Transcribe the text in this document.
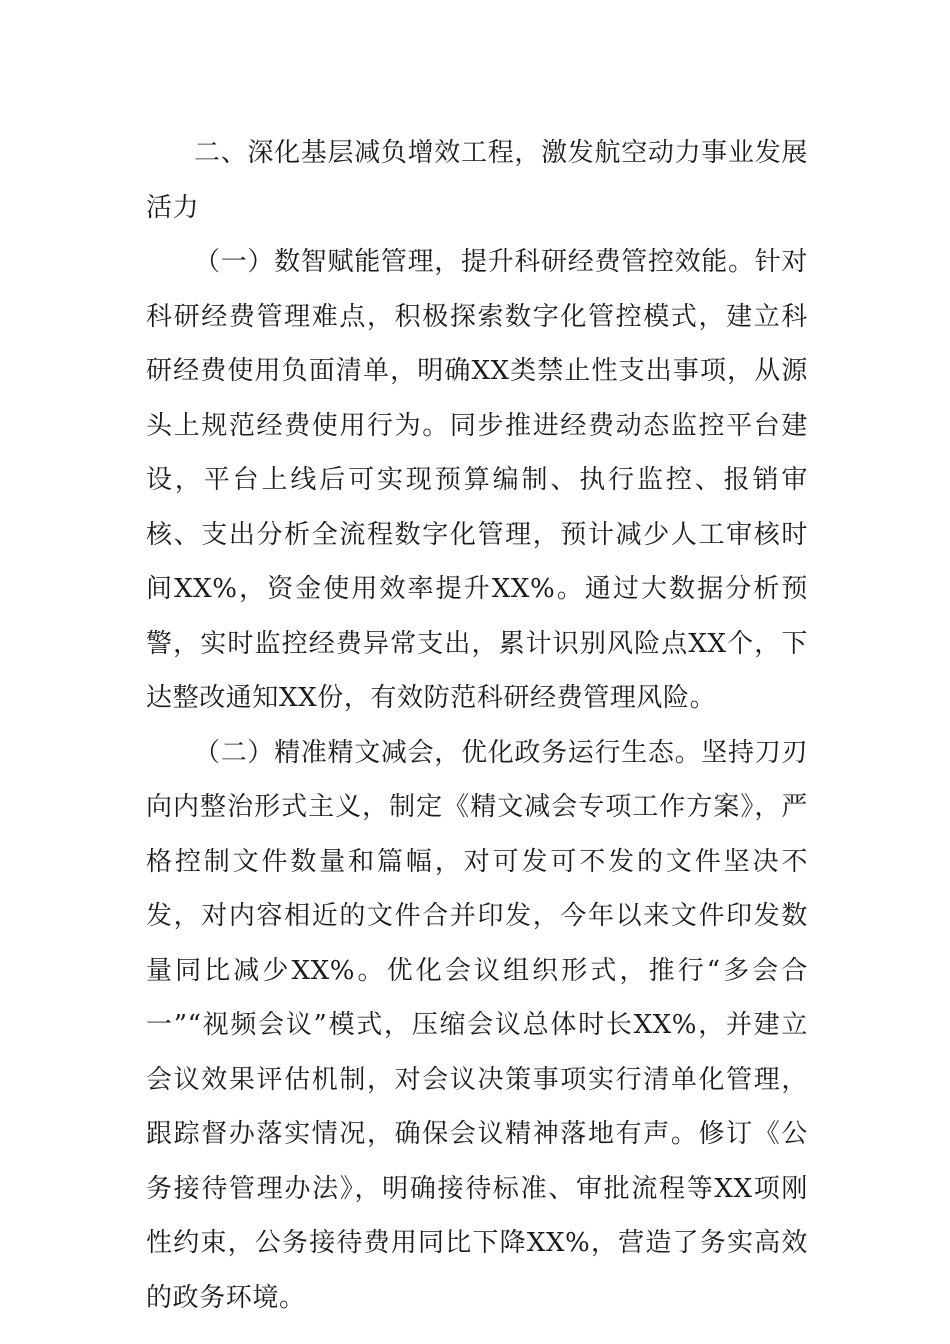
二、深化基层减负增效工程，激发航空动力事业发展活力

（一）数智赋能管理，提升科研经费管控效能。针对科研经费管理难点，积极探索数字化管控模式，建立科研经费使用负面清单，明确XX类禁止性支出事项，从源头上规范经费使用行为。同步推进经费动态监控平台建设，平台上线后可实现预算编制、执行监控、报销审核、支出分析全流程数字化管理，预计减少人工审核时间XX%，资金使用效率提升XX%。通过大数据分析预警，实时监控经费异常支出，累计识别风险点XX个，下达整改通知XX份，有效防范科研经费管理风险。

（二）精准精文减会，优化政务运行生态。坚持刀刃向内整治形式主义，制定《精文减会专项工作方案》，严格控制文件数量和篇幅，对可发可不发的文件坚决不发，对内容相近的文件合并印发，今年以来文件印发数量同比减少XX%。优化会议组织形式，推行“多会合一”“视频会议”模式，压缩会议总体时长XX%，并建立会议效果评估机制，对会议决策事项实行清单化管理，跟踪督办落实情况，确保会议精神落地有声。修订《公务接待管理办法》，明确接待标准、审批流程等XX项刚性约束，公务接待费用同比下降XX%，营造了务实高效的政务环境。
